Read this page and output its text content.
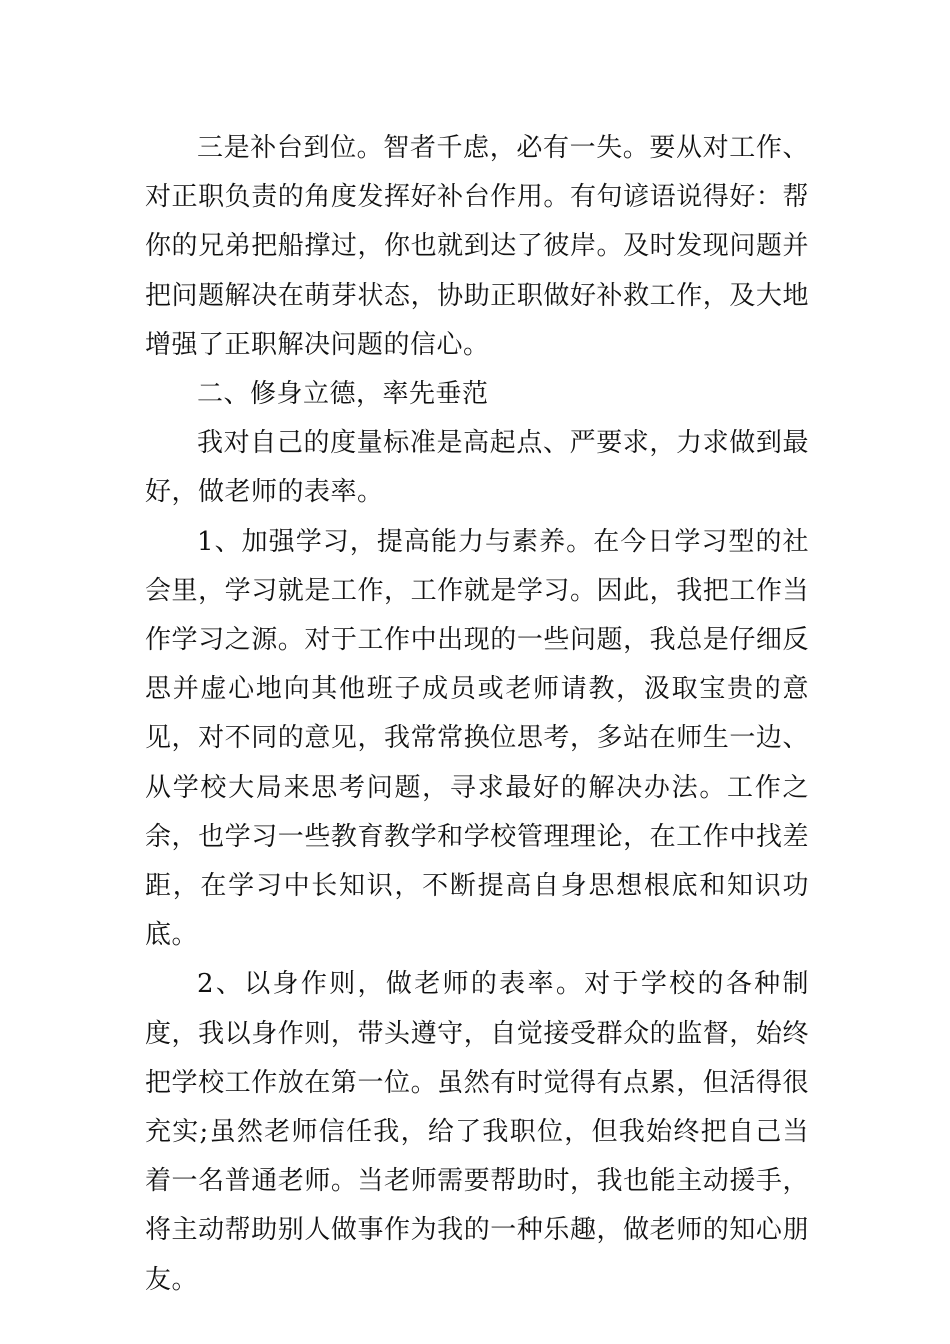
三是补台到位。智者千虑，必有一失。要从对工作、对正职负责的角度发挥好补台作用。有句谚语说得好：帮你的兄弟把船撑过，你也就到达了彼岸。及时发现问题并把问题解决在萌芽状态，协助正职做好补救工作，及大地增强了正职解决问题的信心。

二、修身立德，率先垂范

我对自己的度量标准是高起点、严要求，力求做到最好，做老师的表率。

1、加强学习，提高能力与素养。在今日学习型的社会里，学习就是工作，工作就是学习。因此，我把工作当作学习之源。对于工作中出现的一些问题，我总是仔细反思并虚心地向其他班子成员或老师请教，汲取宝贵的意见，对不同的意见，我常常换位思考，多站在师生一边、从学校大局来思考问题，寻求最好的解决办法。工作之余，也学习一些教育教学和学校管理理论，在工作中找差距，在学习中长知识，不断提高自身思想根底和知识功底。

2、以身作则，做老师的表率。对于学校的各种制度，我以身作则，带头遵守，自觉接受群众的监督，始终把学校工作放在第一位。虽然有时觉得有点累，但活得很充实;虽然老师信任我，给了我职位，但我始终把自己当着一名普通老师。当老师需要帮助时，我也能主动援手，将主动帮助别人做事作为我的一种乐趣，做老师的知心朋友。
